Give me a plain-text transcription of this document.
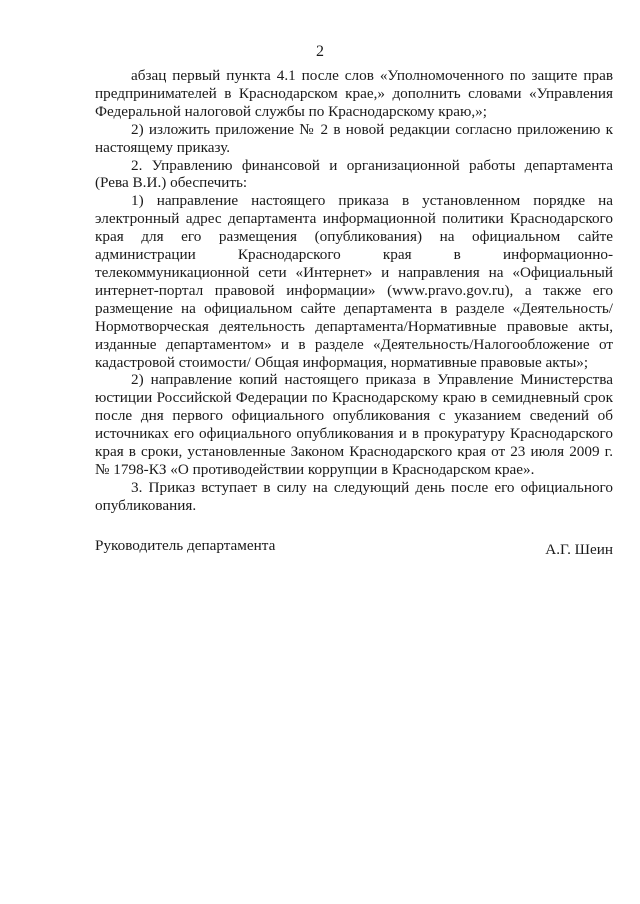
2

абзац первый пункта 4.1 после слов «Уполномоченного по защите прав предпринимателей в Краснодарском крае,» дополнить словами «Управления Федеральной налоговой службы по Краснодарскому краю,»;

2) изложить приложение № 2 в новой редакции согласно приложению к настоящему приказу.

2. Управлению финансовой и организационной работы департамента (Рева В.И.) обеспечить:

1) направление настоящего приказа в установленном порядке на электронный адрес департамента информационной политики Краснодарского края для его размещения (опубликования) на официальном сайте администрации Краснодарского края в информационно-телекоммуникационной сети «Интернет» и направления на «Официальный интернет-портал правовой информации» (www.pravo.gov.ru), а также его размещение на официальном сайте департамента в разделе «Деятельность/Нормотворческая деятельность департамента/Нормативные правовые акты, изданные департаментом» и в разделе «Деятельность/Налогообложение от кадастровой стоимости/ Общая информация, нормативные правовые акты»;

2) направление копий настоящего приказа в Управление Министерства юстиции Российской Федерации по Краснодарскому краю в семидневный срок после дня первого официального опубликования с указанием сведений об источниках его официального опубликования и в прокуратуру Краснодарского края в сроки, установленные Законом Краснодарского края от 23 июля 2009 г. № 1798-КЗ «О противодействии коррупции в Краснодарском крае».

3. Приказ вступает в силу на следующий день после его официального опубликования.

Руководитель департамента	А.Г. Шеин
